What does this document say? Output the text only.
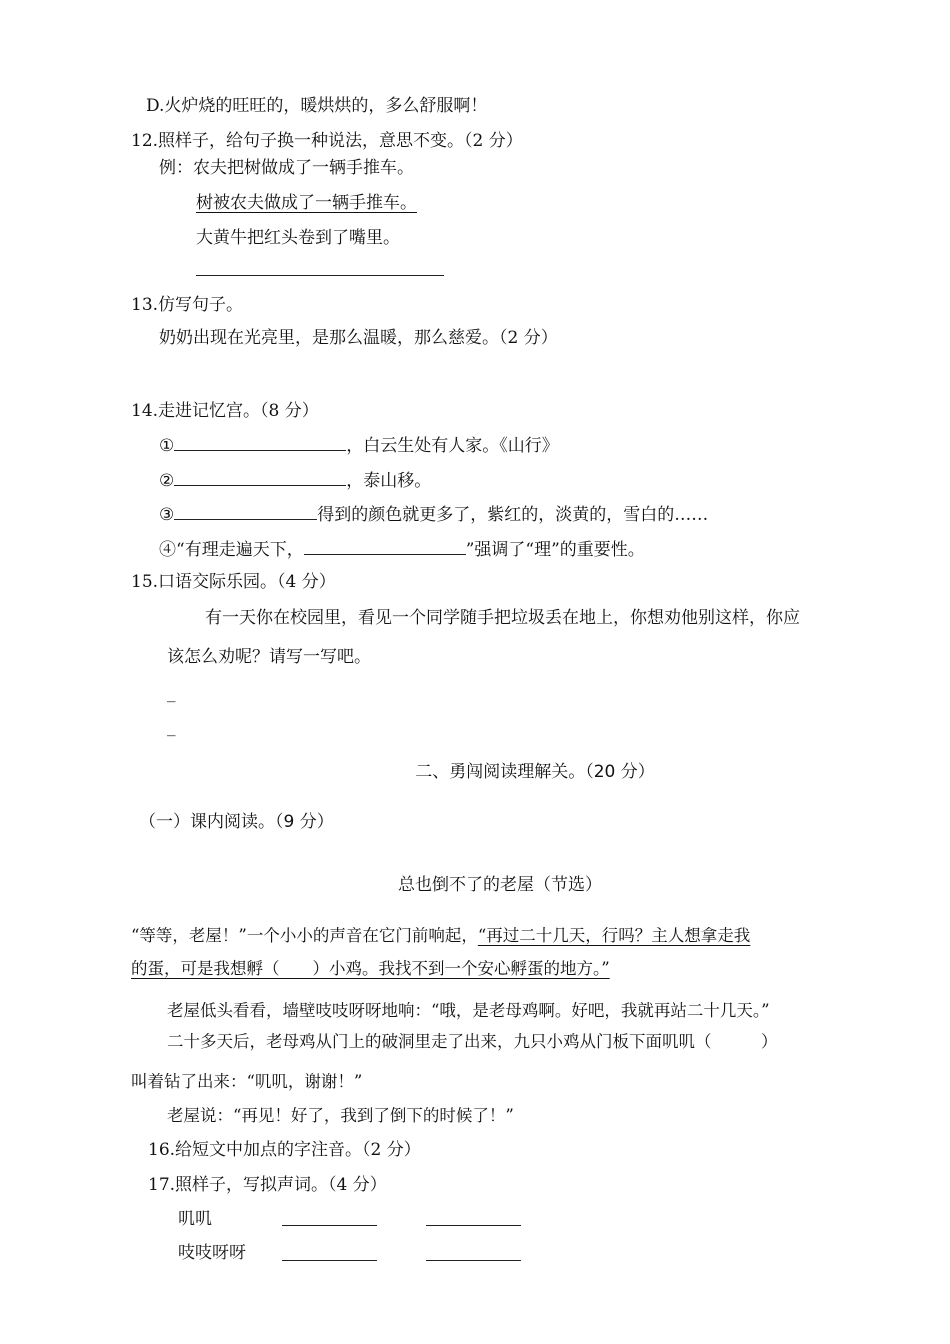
D.火炉烧的旺旺的，暖烘烘的，多么舒服啊！
12.照样子，给句子换一种说法，意思不变。（2 分）
例：农夫把树做成了一辆手推车。
树被农夫做成了一辆手推车。
大黄牛把红头卷到了嘴里。
13.仿写句子。
奶奶出现在光亮里，是那么温暖，那么慈爱。（2 分）
14.走进记忆宫。（8 分）
①	，白云生处有人家。《山行》
②	，泰山移。
③	得到的颜色就更多了，紫红的，淡黄的，雪白的……
④“有理走遍天下，	”强调了“理”的重要性。
15.口语交际乐园。（4 分）
有一天你在校园里，看见一个同学随手把垃圾丢在地上，你想劝他别这样，你应
该怎么劝呢？请写一写吧。
_
_
二、勇闯阅读理解关。（20 分）
（一）课内阅读。（9 分）
总也倒不了的老屋（节选）
“等等，老屋！”一个小小的声音在它门前响起，“再过二十几天，行吗？主人想拿走我
的蛋，可是我想孵（　　）小鸡。我找不到一个安心孵蛋的地方。”
老屋低头看看，墙壁吱吱呀呀地响：“哦，是老母鸡啊。好吧，我就再站二十几天。”
二十多天后，老母鸡从门上的破洞里走了出来，九只小鸡从门板下面叽叽（　　　）
叫着钻了出来：“叽叽，谢谢！”
老屋说：“再见！好了，我到了倒下的时候了！”
16.给短文中加点的字注音。（2 分）
17.照样子，写拟声词。（4 分）
叽叽
吱吱呀呀
